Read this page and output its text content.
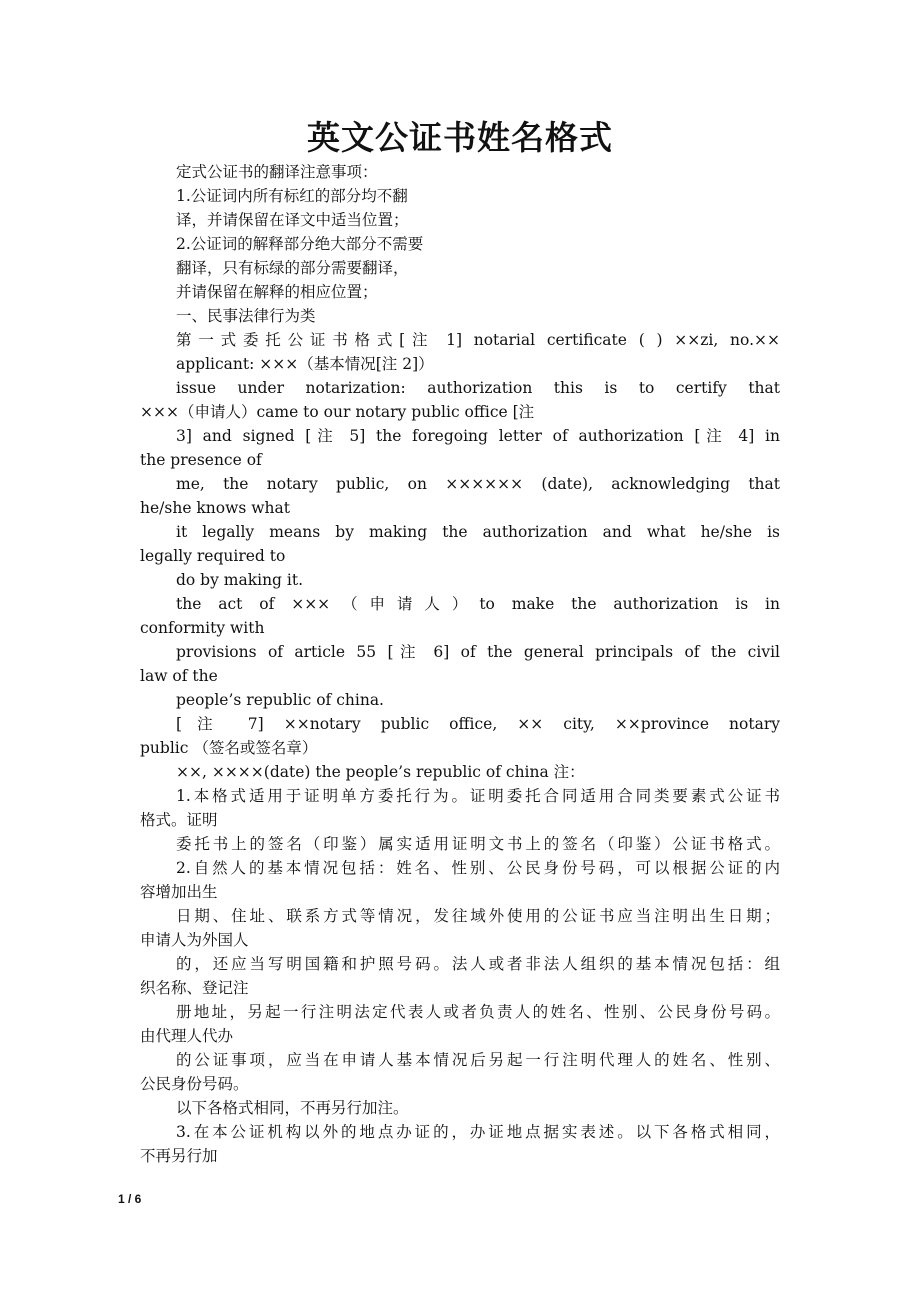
英文公证书姓名格式
定式公证书的翻译注意事项：
1.公证词内所有标红的部分均不翻
译，并请保留在译文中适当位置；
2.公证词的解释部分绝大部分不需要
翻译，只有标绿的部分需要翻译，
并请保留在解释的相应位置；
一、民事法律行为类
第一式委托公证书格式[注 1] notarial certificate ( ) ××zi, no.××
applicant: ×××（基本情况[注 2]）
issue under notarization: authorization this is to certify that
×××（申请人）came to our notary public office [注
3] and signed [注 5] the foregoing letter of authorization [注 4] in
the presence of
me, the notary public, on ×××××× (date), acknowledging that
he/she knows what
it legally means by making the authorization and what he/she is
legally required to
do by making it.
the act of ×××（申请人）to make the authorization is in
conformity with
provisions of article 55 [注 6] of the general principals of the civil
law of the
people’s republic of china.
[注 7] ××notary public office, ×× city, ××province notary
public （签名或签名章）
××, ××××(date) the people’s republic of china 注：
1.本格式适用于证明单方委托行为。证明委托合同适用合同类要素式公证书
格式。证明
委托书上的签名（印鉴）属实适用证明文书上的签名（印鉴）公证书格式。
2.自然人的基本情况包括：姓名、性别、公民身份号码，可以根据公证的内
容增加出生
日期、住址、联系方式等情况，发往域外使用的公证书应当注明出生日期；
申请人为外国人
的，还应当写明国籍和护照号码。法人或者非法人组织的基本情况包括：组
织名称、登记注
册地址，另起一行注明法定代表人或者负责人的姓名、性别、公民身份号码。
由代理人代办
的公证事项，应当在申请人基本情况后另起一行注明代理人的姓名、性别、
公民身份号码。
以下各格式相同，不再另行加注。
3.在本公证机构以外的地点办证的，办证地点据实表述。以下各格式相同，
不再另行加
1 / 6
